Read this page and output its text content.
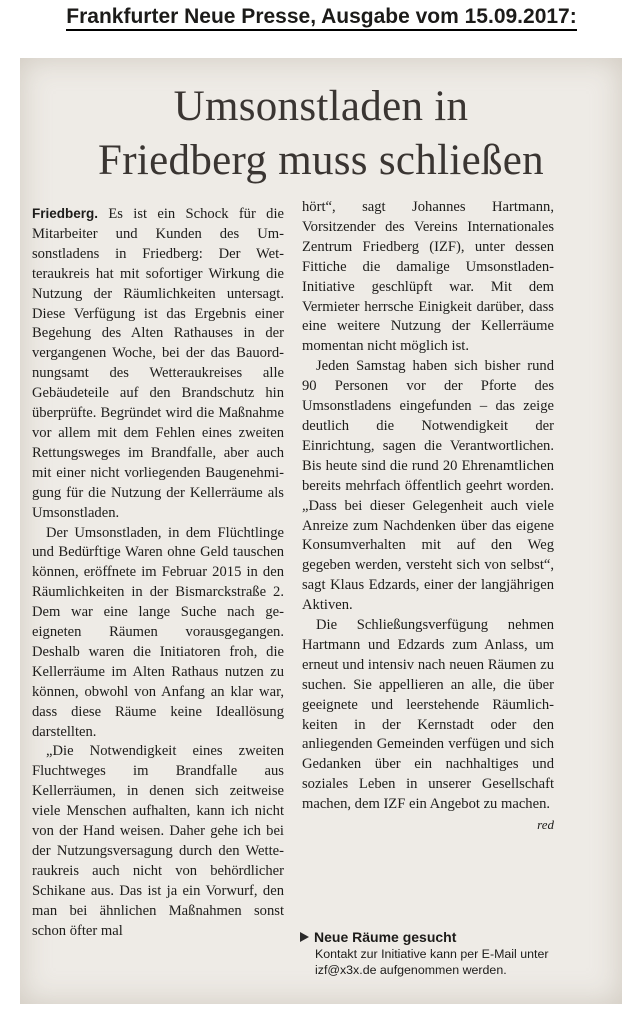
Frankfurter Neue Presse, Ausgabe vom 15.09.2017:
Umsonstladen in
Friedberg muss schließen

Friedberg. Es ist ein Schock für die Mitarbeiter und Kunden des Umsonstladens in Friedberg: Der Wetteraukreis hat mit sofortiger Wirkung die Nutzung der Räumlichkeiten untersagt. Diese Verfügung ist das Ergebnis einer Begehung des Alten Rathauses in der vergangenen Woche, bei der das Bauordnungsamt des Wetteraukreises alle Gebäudeteile auf den Brandschutz hin überprüfte. Begründet wird die Maßnahme vor allem mit dem Fehlen eines zweiten Rettungsweges im Brandfalle, aber auch mit einer nicht vorliegenden Baugenehmigung für die Nutzung der Kellerräume als Umsonstladen.

Der Umsonstladen, in dem Flüchtlinge und Bedürftige Waren ohne Geld tauschen können, eröffnete im Februar 2015 in den Räumlichkeiten in der Bismarckstraße 2. Dem war eine lange Suche nach geeigneten Räumen vorausgegangen. Deshalb waren die Initiatoren froh, die Kellerräume im Alten Rathaus nutzen zu können, obwohl von Anfang an klar war, dass diese Räume keine Ideallösung darstellten.

„Die Notwendigkeit eines zweiten Fluchtweges im Brandfalle aus Kellerräumen, in denen sich zeitweise viele Menschen aufhalten, kann ich nicht von der Hand weisen. Daher gehe ich bei der Nutzungsversagung durch den Wetteraukreis auch nicht von behördlicher Schikane aus. Das ist ja ein Vorwurf, den man bei ähnlichen Maßnahmen sonst schon öfter mal

hört“, sagt Johannes Hartmann, Vorsitzender des Vereins Internationales Zentrum Friedberg (IZF), unter dessen Fittiche die damalige Umsonstladen-Initiative geschlüpft war. Mit dem Vermieter herrsche Einigkeit darüber, dass eine weitere Nutzung der Kellerräume momentan nicht möglich ist.

Jeden Samstag haben sich bisher rund 90 Personen vor der Pforte des Umsonstladens eingefunden – das zeige deutlich die Notwendigkeit der Einrichtung, sagen die Verantwortlichen. Bis heute sind die rund 20 Ehrenamtlichen bereits mehrfach öffentlich geehrt worden. „Dass bei dieser Gelegenheit auch viele Anreize zum Nachdenken über das eigene Konsumverhalten mit auf den Weg gegeben werden, versteht sich von selbst“, sagt Klaus Edzards, einer der langjährigen Aktiven.

Die Schließungsverfügung nehmen Hartmann und Edzards zum Anlass, um erneut und intensiv nach neuen Räumen zu suchen. Sie appellieren an alle, die über geeignete und leerstehende Räumlichkeiten in der Kernstadt oder den anliegenden Gemeinden verfügen und sich Gedanken über ein nachhaltiges und soziales Leben in unserer Gesellschaft machen, dem IZF ein Angebot zu machen.
red

Neue Räume gesucht
Kontakt zur Initiative kann per E-Mail unter izf@x3x.de aufgenommen werden.
